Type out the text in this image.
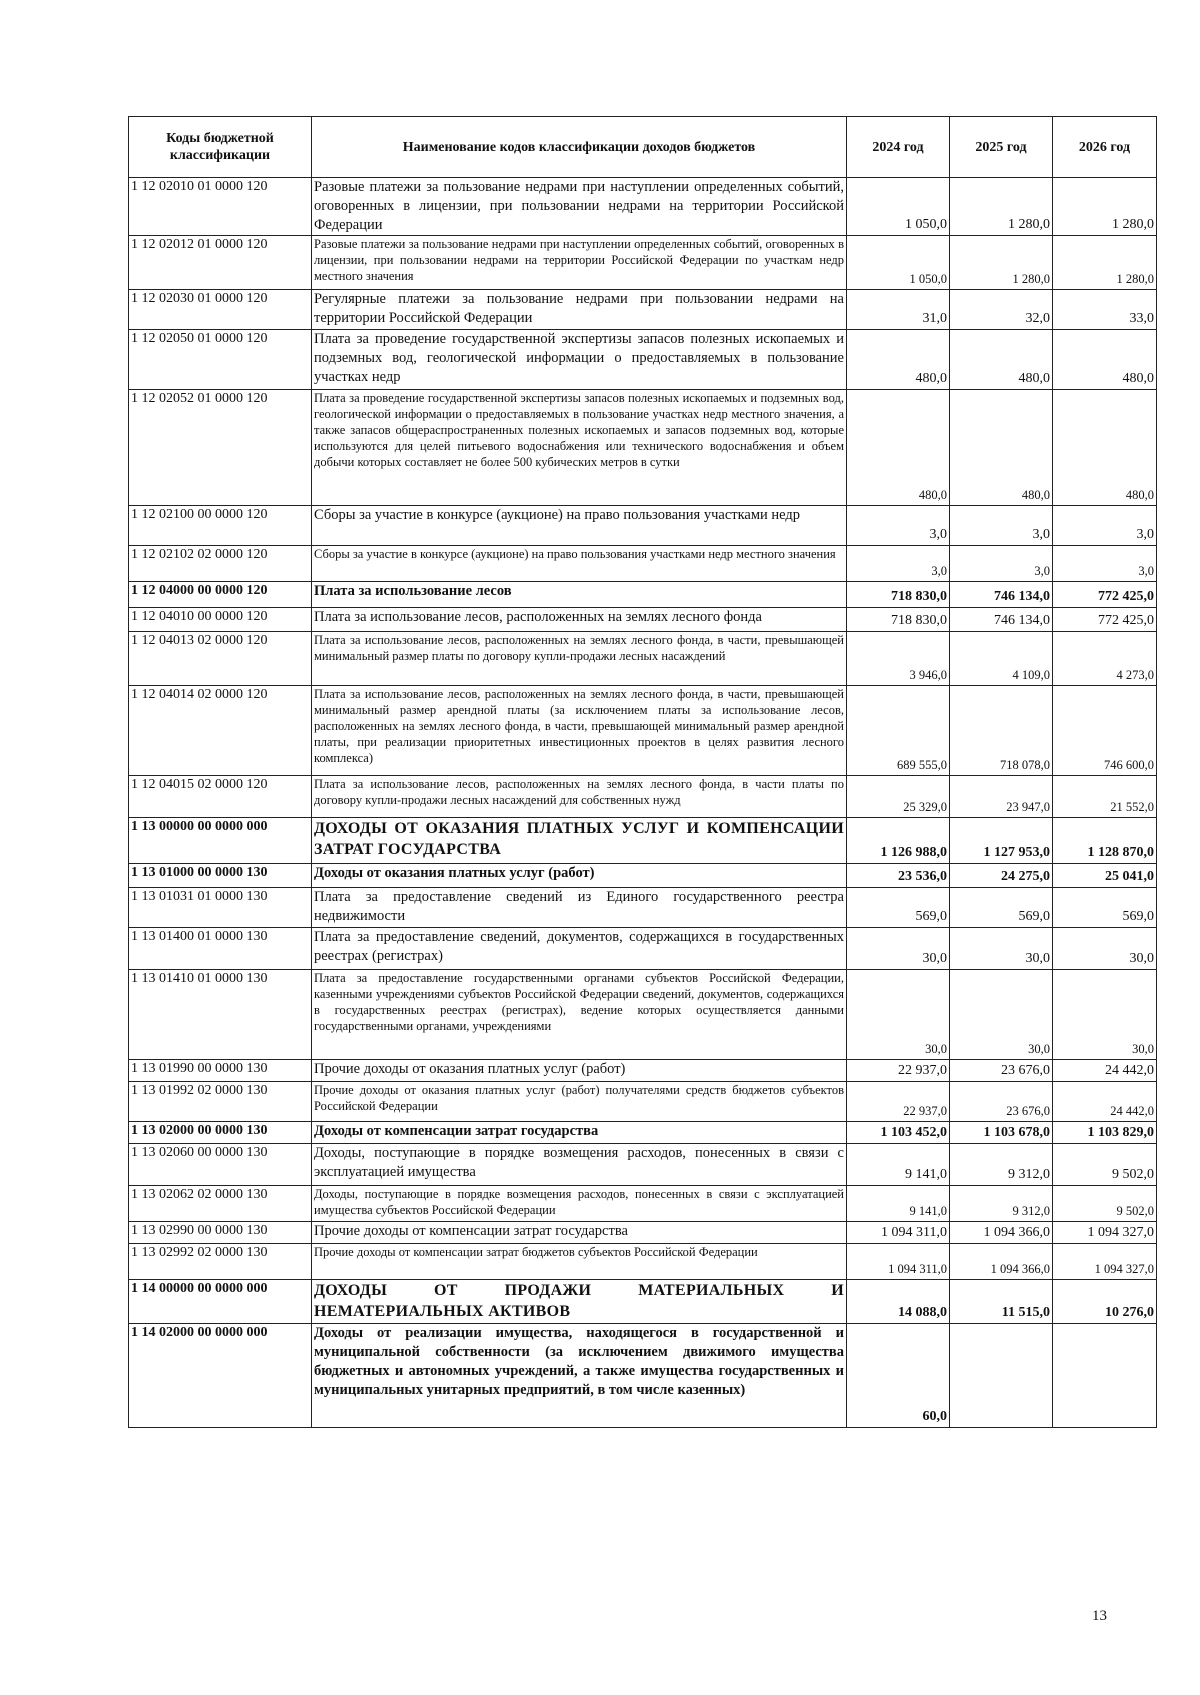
Коды бюджетной классификации	Наименование кодов классификации доходов бюджетов	2024 год	2025 год	2026 год
1 12 02010 01 0000 120	Разовые платежи за пользование недрами при наступлении определенных событий, оговоренных в лицензии, при пользовании недрами на территории Российской Федерации	1 050,0	1 280,0	1 280,0
1 12 02012 01 0000 120	Разовые платежи за пользование недрами при наступлении определенных событий, оговоренных в лицензии, при пользовании недрами на территории Российской Федерации по участкам недр местного значения	1 050,0	1 280,0	1 280,0
1 12 02030 01 0000 120	Регулярные платежи за пользование недрами при пользовании недрами на территории Российской Федерации	31,0	32,0	33,0
1 12 02050 01 0000 120	Плата за проведение государственной экспертизы запасов полезных ископаемых и подземных вод, геологической информации о предоставляемых в пользование участках недр	480,0	480,0	480,0
1 12 02052 01 0000 120	Плата за проведение государственной экспертизы запасов полезных ископаемых и подземных вод, геологической информации о предоставляемых в пользование участках недр местного значения, а также запасов общераспространенных полезных ископаемых и запасов подземных вод, которые используются для целей питьевого водоснабжения или технического водоснабжения и объем добычи которых составляет не более 500 кубических метров в сутки	480,0	480,0	480,0
1 12 02100 00 0000 120	Сборы за участие в конкурсе (аукционе) на право пользования участками недр	3,0	3,0	3,0
1 12 02102 02 0000 120	Сборы за участие в конкурсе (аукционе) на право пользования участками недр местного значения	3,0	3,0	3,0
1 12 04000 00 0000 120	Плата за использование лесов	718 830,0	746 134,0	772 425,0
1 12 04010 00 0000 120	Плата за использование лесов, расположенных на землях лесного фонда	718 830,0	746 134,0	772 425,0
1 12 04013 02 0000 120	Плата за использование лесов, расположенных на землях лесного фонда, в части, превышающей минимальный размер платы по договору купли-продажи лесных насаждений	3 946,0	4 109,0	4 273,0
1 12 04014 02 0000 120	Плата за использование лесов, расположенных на землях лесного фонда, в части, превышающей минимальный размер арендной платы (за исключением платы за использование лесов, расположенных на землях лесного фонда, в части, превышающей минимальный размер арендной платы, при реализации приоритетных инвестиционных проектов в целях развития лесного комплекса)	689 555,0	718 078,0	746 600,0
1 12 04015 02 0000 120	Плата за использование лесов, расположенных на землях лесного фонда, в части платы по договору купли-продажи лесных насаждений для собственных нужд	25 329,0	23 947,0	21 552,0
1 13 00000 00 0000 000	ДОХОДЫ ОТ ОКАЗАНИЯ ПЛАТНЫХ УСЛУГ И КОМПЕНСАЦИИ ЗАТРАТ ГОСУДАРСТВА	1 126 988,0	1 127 953,0	1 128 870,0
1 13 01000 00 0000 130	Доходы от оказания платных услуг (работ)	23 536,0	24 275,0	25 041,0
1 13 01031 01 0000 130	Плата за предоставление сведений из Единого государственного реестра недвижимости	569,0	569,0	569,0
1 13 01400 01 0000 130	Плата за предоставление сведений, документов, содержащихся в государственных реестрах (регистрах)	30,0	30,0	30,0
1 13 01410 01 0000 130	Плата за предоставление государственными органами субъектов Российской Федерации, казенными учреждениями субъектов Российской Федерации сведений, документов, содержащихся в государственных реестрах (регистрах), ведение которых осуществляется данными государственными органами, учреждениями	30,0	30,0	30,0
1 13 01990 00 0000 130	Прочие доходы от оказания платных услуг (работ)	22 937,0	23 676,0	24 442,0
1 13 01992 02 0000 130	Прочие доходы от оказания платных услуг (работ) получателями средств бюджетов субъектов Российской Федерации	22 937,0	23 676,0	24 442,0
1 13 02000 00 0000 130	Доходы от компенсации затрат государства	1 103 452,0	1 103 678,0	1 103 829,0
1 13 02060 00 0000 130	Доходы, поступающие в порядке возмещения расходов, понесенных в связи с эксплуатацией имущества	9 141,0	9 312,0	9 502,0
1 13 02062 02 0000 130	Доходы, поступающие в порядке возмещения расходов, понесенных в связи с эксплуатацией имущества субъектов Российской Федерации	9 141,0	9 312,0	9 502,0
1 13 02990 00 0000 130	Прочие доходы от компенсации затрат государства	1 094 311,0	1 094 366,0	1 094 327,0
1 13 02992 02 0000 130	Прочие доходы от компенсации затрат бюджетов субъектов Российской Федерации	1 094 311,0	1 094 366,0	1 094 327,0
1 14 00000 00 0000 000	ДОХОДЫ ОТ ПРОДАЖИ МАТЕРИАЛЬНЫХ И НЕМАТЕРИАЛЬНЫХ АКТИВОВ	14 088,0	11 515,0	10 276,0
1 14 02000 00 0000 000	Доходы от реализации имущества, находящегося в государственной и муниципальной собственности (за исключением движимого имущества бюджетных и автономных учреждений, а также имущества государственных и муниципальных унитарных предприятий, в том числе казенных)	60,0		
13
